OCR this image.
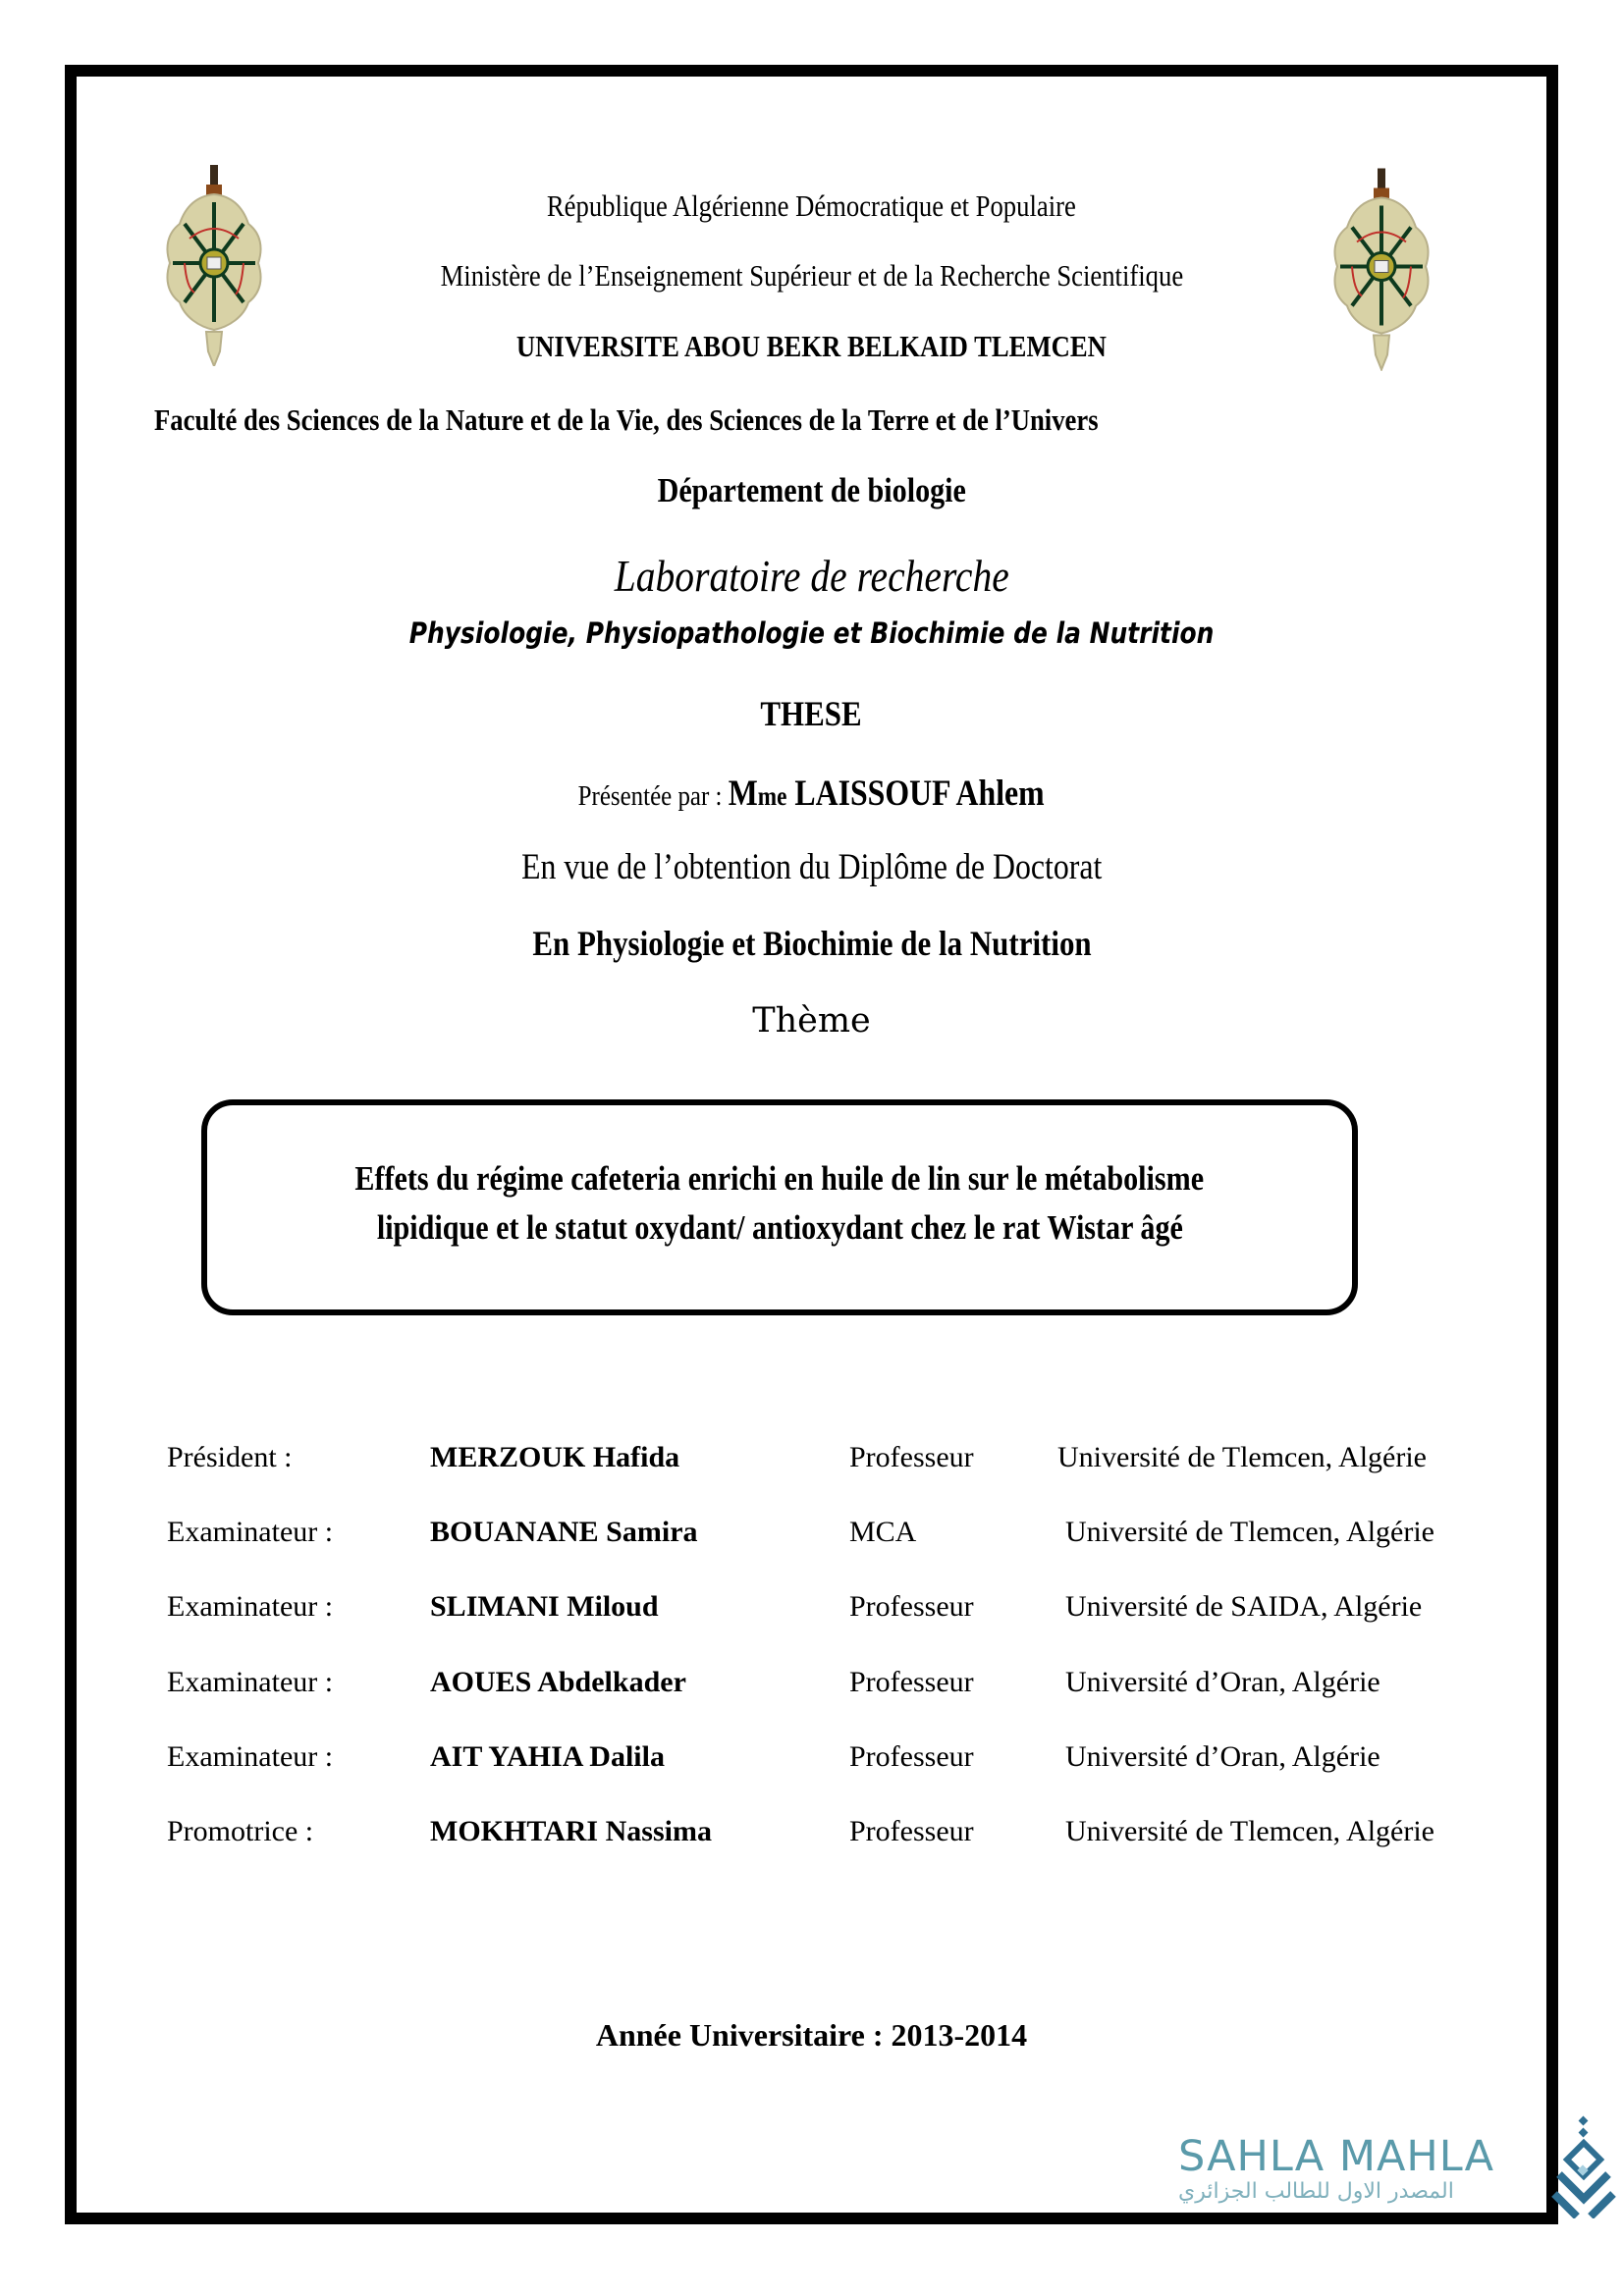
République Algérienne Démocratique et Populaire
Ministère de l’Enseignement Supérieur et de la Recherche Scientifique
UNIVERSITE ABOU BEKR BELKAID TLEMCEN
Faculté des Sciences de la Nature et de la Vie, des Sciences de la Terre et de l’Univers
Département de biologie
Laboratoire de recherche
Physiologie, Physiopathologie et Biochimie de la Nutrition
THESE
Présentée par : Mme LAISSOUF Ahlem
En vue de l’obtention du Diplôme de Doctorat
En Physiologie et Biochimie de la Nutrition
Thème
Effets du régime cafeteria enrichi en huile de lin sur le métabolisme
lipidique et le statut oxydant/ antioxydant chez le rat Wistar âgé
Président :	MERZOUK Hafida	Professeur	Université de Tlemcen, Algérie
Examinateur :	BOUANANE Samira	MCA	Université de Tlemcen, Algérie
Examinateur :	SLIMANI Miloud	Professeur	Université de SAIDA, Algérie
Examinateur :	AOUES Abdelkader	Professeur	Université d’Oran, Algérie
Examinateur :	AIT YAHIA Dalila	Professeur	Université d’Oran, Algérie
Promotrice :	MOKHTARI Nassima	Professeur	Université de Tlemcen, Algérie
Année Universitaire : 2013-2014
SAHLA MAHLA
المصدر الاول للطالب الجزائري
